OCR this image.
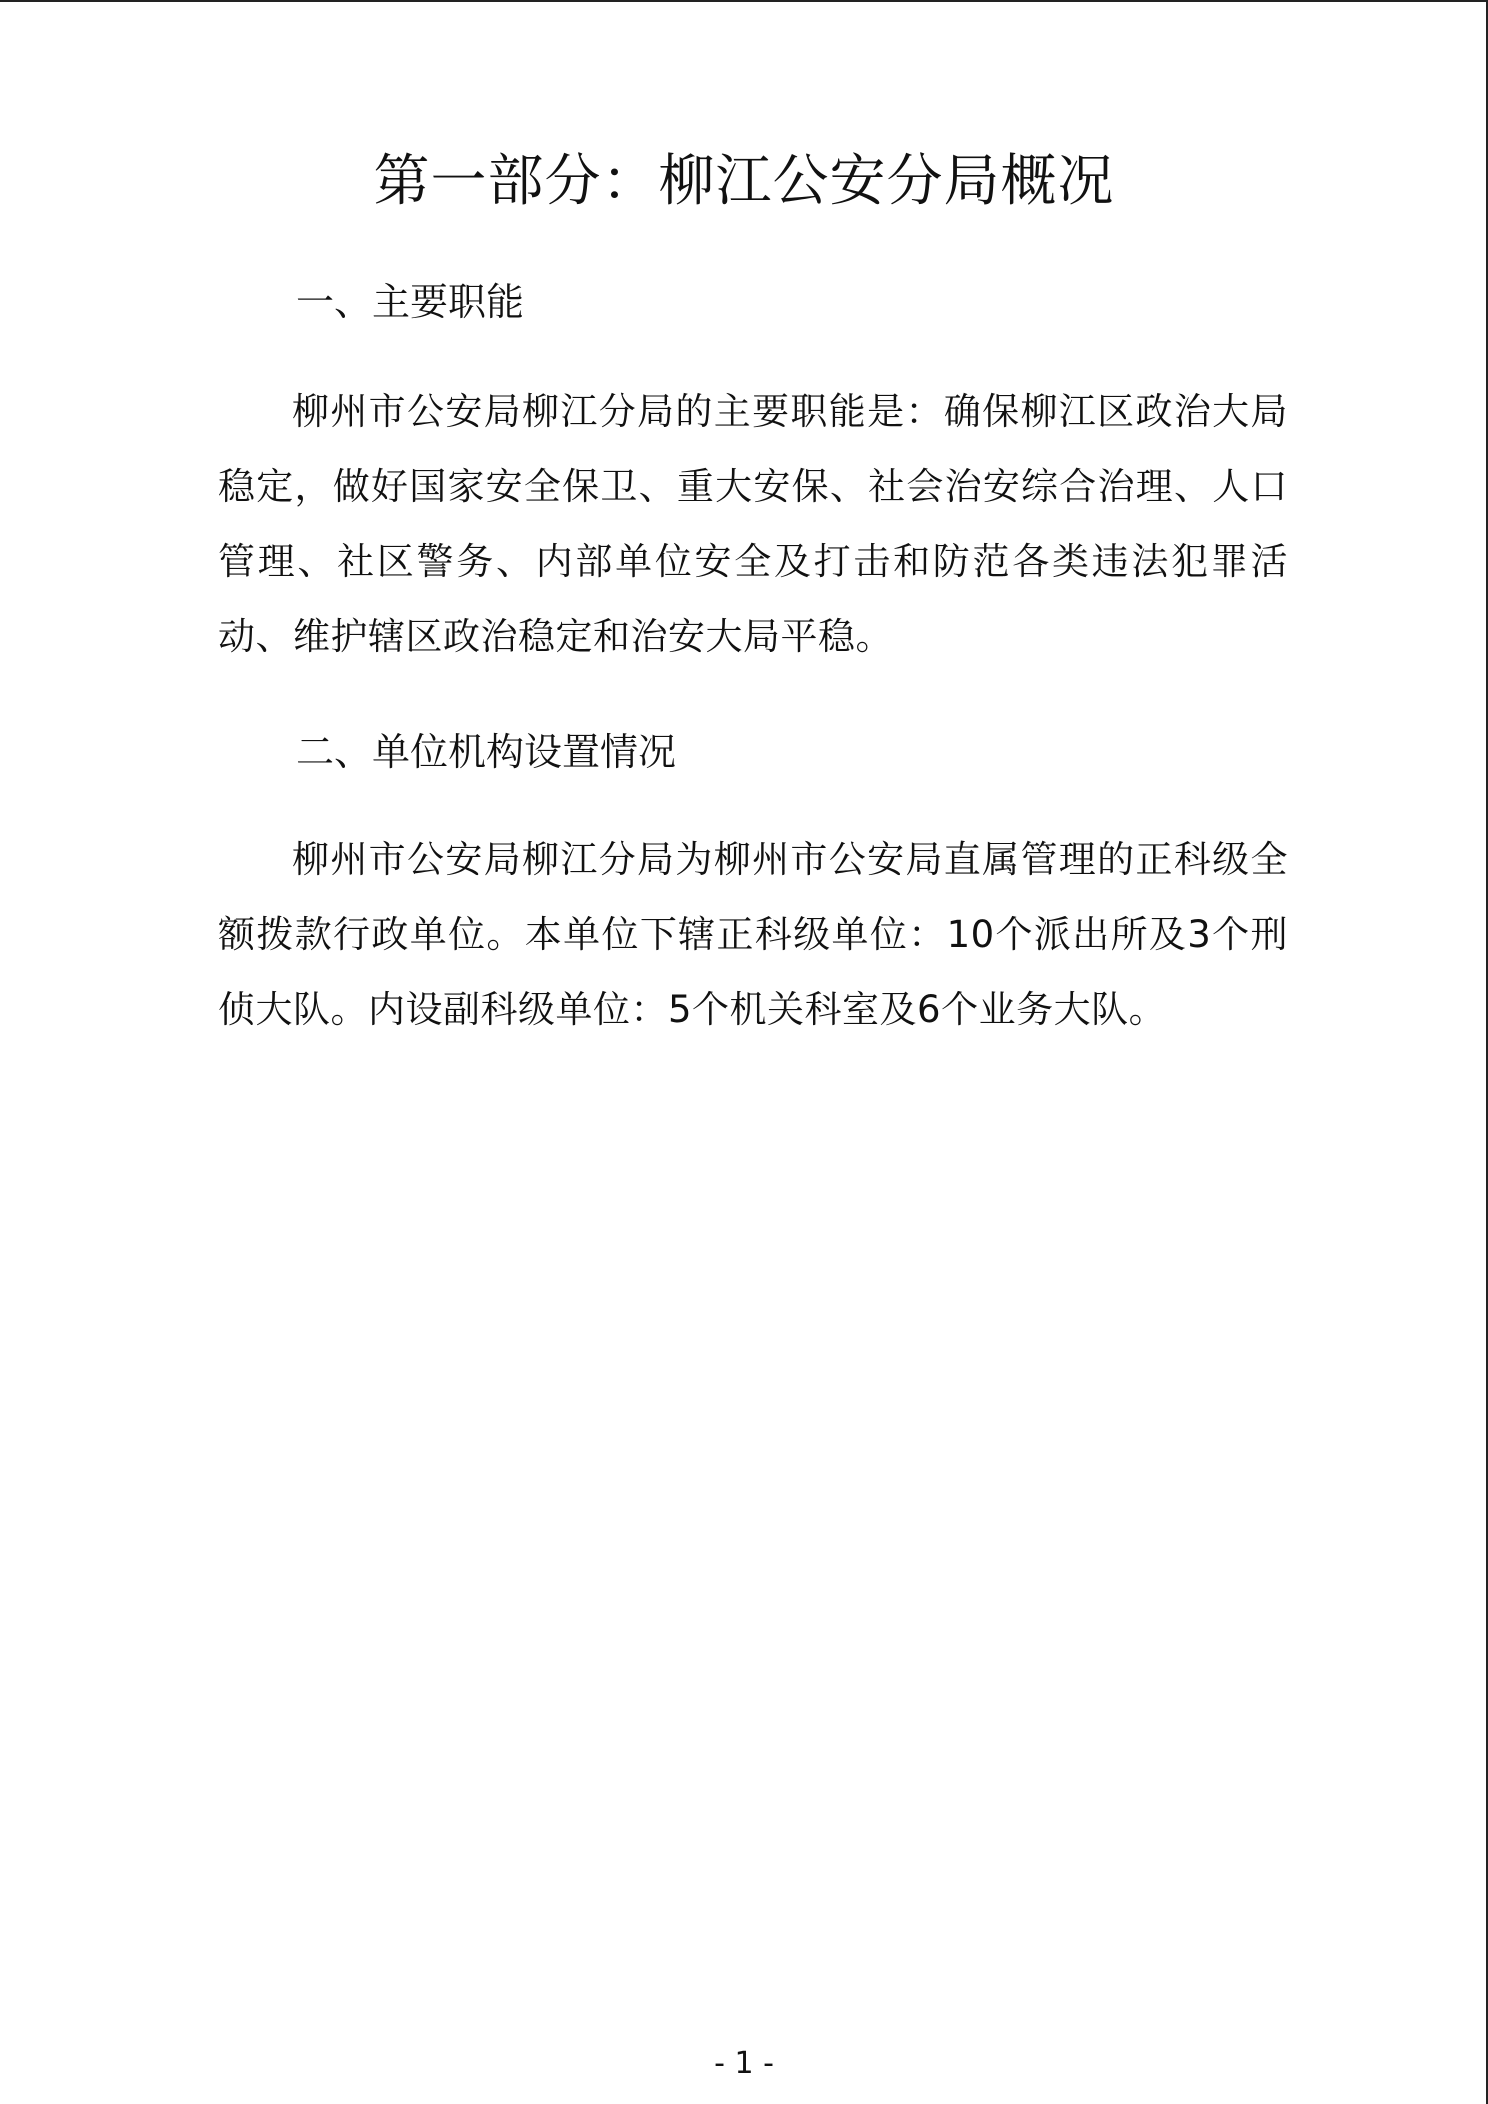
第一部分：柳江公安分局概况
一、主要职能

柳州市公安局柳江分局的主要职能是：确保柳江区政治大局稳定，做好国家安全保卫、重大安保、社会治安综合治理、人口管理、社区警务、内部单位安全及打击和防范各类违法犯罪活动、维护辖区政治稳定和治安大局平稳。

二、单位机构设置情况

柳州市公安局柳江分局为柳州市公安局直属管理的正科级全额拨款行政单位。本单位下辖正科级单位：10个派出所及3个刑侦大队。内设副科级单位：5个机关科室及6个业务大队。

- 1 -
